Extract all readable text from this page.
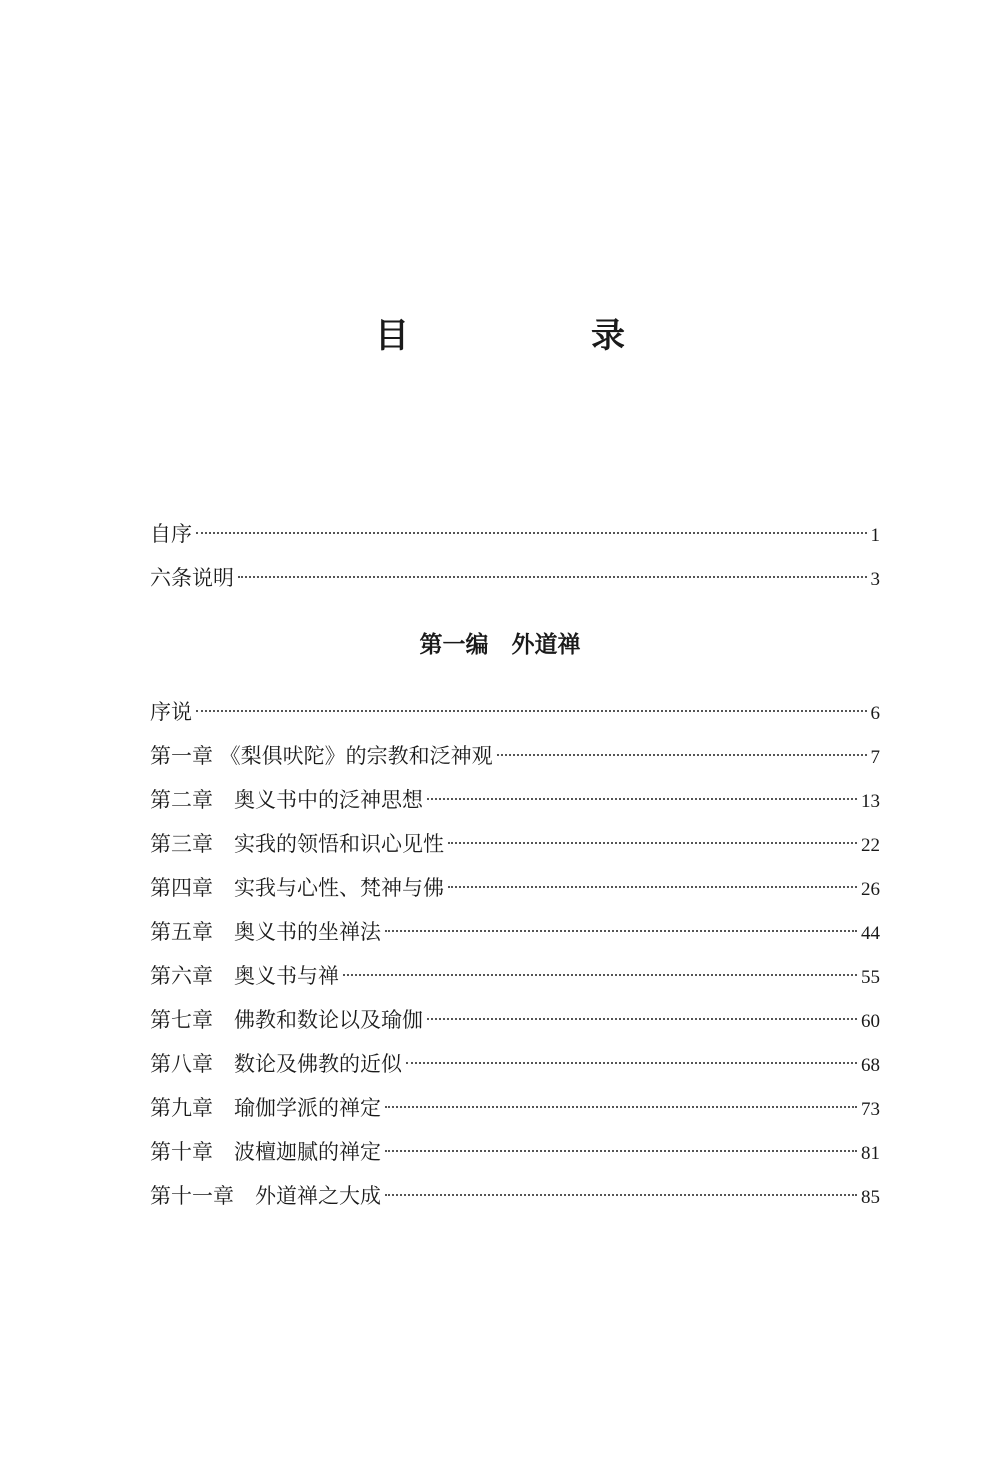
目　录
自序	1
六条说明	3
第一编　外道禅
序说	6
第一章 《梨俱吠陀》的宗教和泛神观	7
第二章　奥义书中的泛神思想	13
第三章　实我的领悟和识心见性	22
第四章　实我与心性、梵神与佛	26
第五章　奥义书的坐禅法	44
第六章　奥义书与禅	55
第七章　佛教和数论以及瑜伽	60
第八章　数论及佛教的近似	68
第九章　瑜伽学派的禅定	73
第十章　波檀迦腻的禅定	81
第十一章　外道禅之大成	85
